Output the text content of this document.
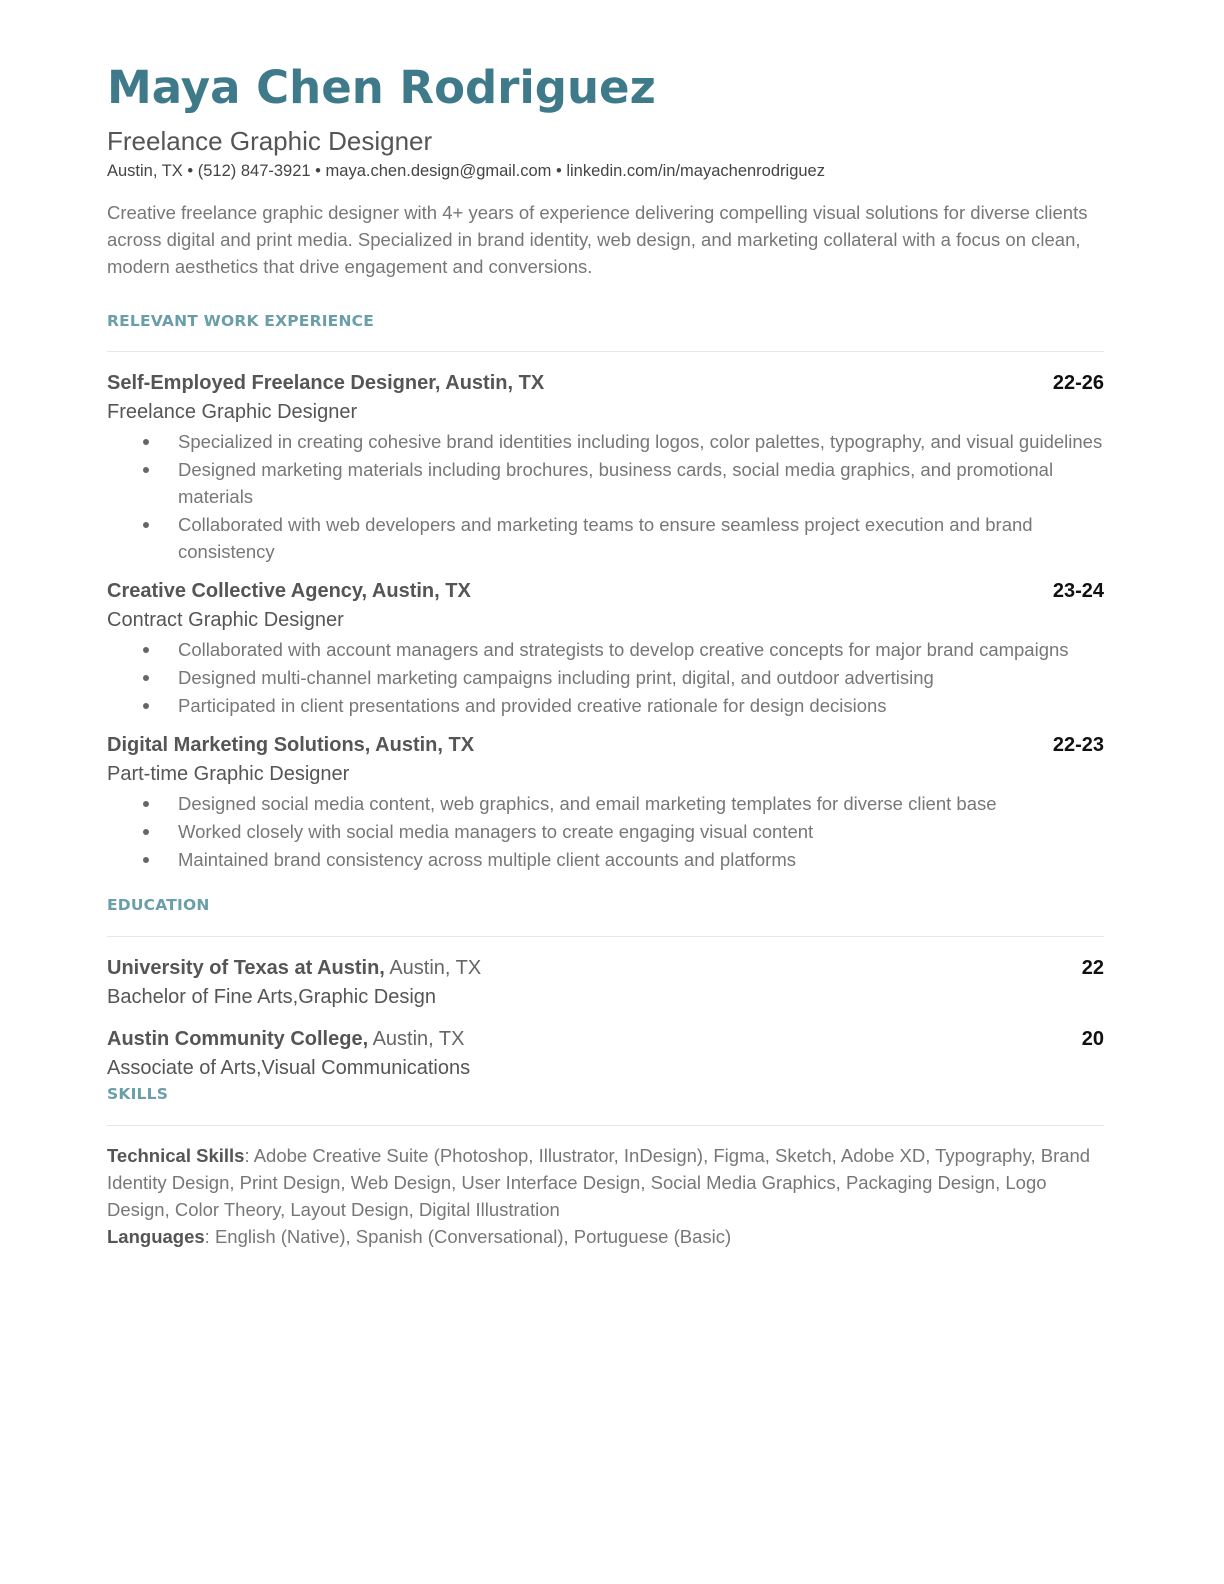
Maya Chen Rodriguez
Freelance Graphic Designer
Austin, TX • (512) 847-3921 • maya.chen.design@gmail.com • linkedin.com/in/mayachenrodriguez
Creative freelance graphic designer with 4+ years of experience delivering compelling visual solutions for diverse clients across digital and print media. Specialized in brand identity, web design, and marketing collateral with a focus on clean, modern aesthetics that drive engagement and conversions.
RELEVANT WORK EXPERIENCE
Self-Employed Freelance Designer, Austin, TX	22-26
Freelance Graphic Designer
Specialized in creating cohesive brand identities including logos, color palettes, typography, and visual guidelines
Designed marketing materials including brochures, business cards, social media graphics, and promotional materials
Collaborated with web developers and marketing teams to ensure seamless project execution and brand consistency
Creative Collective Agency, Austin, TX	23-24
Contract Graphic Designer
Collaborated with account managers and strategists to develop creative concepts for major brand campaigns
Designed multi-channel marketing campaigns including print, digital, and outdoor advertising
Participated in client presentations and provided creative rationale for design decisions
Digital Marketing Solutions, Austin, TX	22-23
Part-time Graphic Designer
Designed social media content, web graphics, and email marketing templates for diverse client base
Worked closely with social media managers to create engaging visual content
Maintained brand consistency across multiple client accounts and platforms
EDUCATION
University of Texas at Austin, Austin, TX	22
Bachelor of Fine Arts,Graphic Design
Austin Community College, Austin, TX	20
Associate of Arts,Visual Communications
SKILLS

Technical Skills: Adobe Creative Suite (Photoshop, Illustrator, InDesign), Figma, Sketch, Adobe XD, Typography, Brand Identity Design, Print Design, Web Design, User Interface Design, Social Media Graphics, Packaging Design, Logo Design, Color Theory, Layout Design, Digital Illustration

Languages: English (Native), Spanish (Conversational), Portuguese (Basic)
